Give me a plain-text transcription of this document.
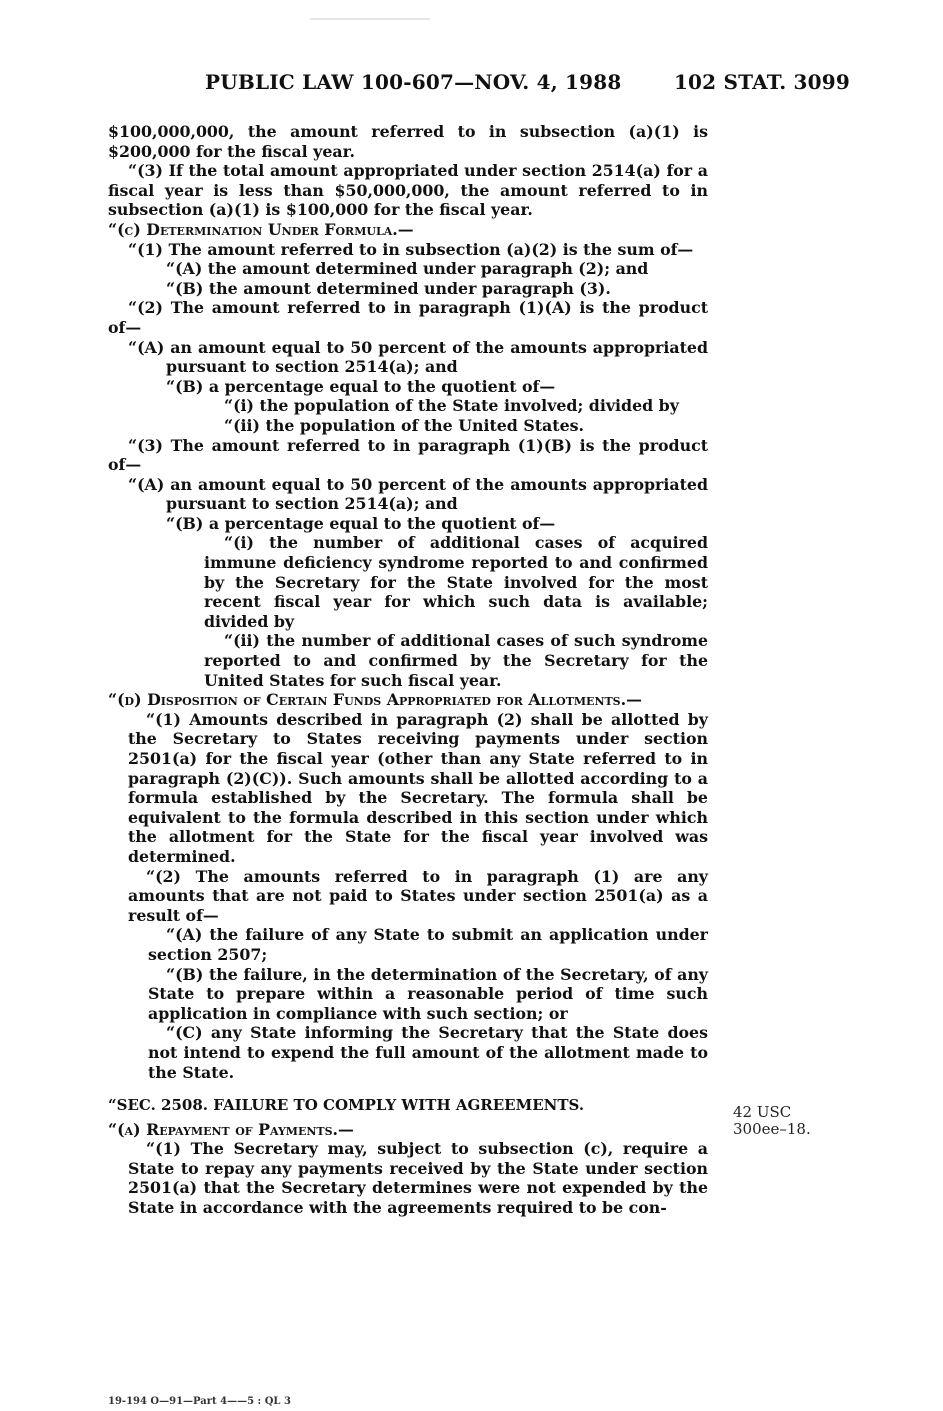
PUBLIC LAW 100-607—NOV. 4, 1988	102 STAT. 3099

$100,000,000, the amount referred to in subsection (a)(1) is $200,000 for the fiscal year.

“(3) If the total amount appropriated under section 2514(a) for a fiscal year is less than $50,000,000, the amount referred to in subsection (a)(1) is $100,000 for the fiscal year.

“(c) Determination Under Formula.—

“(1) The amount referred to in subsection (a)(2) is the sum of—

“(A) the amount determined under paragraph (2); and

“(B) the amount determined under paragraph (3).

“(2) The amount referred to in paragraph (1)(A) is the product of—

“(A) an amount equal to 50 percent of the amounts appropriated pursuant to section 2514(a); and

“(B) a percentage equal to the quotient of—

“(i) the population of the State involved; divided by

“(ii) the population of the United States.

“(3) The amount referred to in paragraph (1)(B) is the product of—

“(A) an amount equal to 50 percent of the amounts appropriated pursuant to section 2514(a); and

“(B) a percentage equal to the quotient of—

“(i) the number of additional cases of acquired immune deficiency syndrome reported to and confirmed by the Secretary for the State involved for the most recent fiscal year for which such data is available; divided by

“(ii) the number of additional cases of such syndrome reported to and confirmed by the Secretary for the United States for such fiscal year.

“(d) Disposition of Certain Funds Appropriated for Allotments.—

“(1) Amounts described in paragraph (2) shall be allotted by the Secretary to States receiving payments under section 2501(a) for the fiscal year (other than any State referred to in paragraph (2)(C)). Such amounts shall be allotted according to a formula established by the Secretary. The formula shall be equivalent to the formula described in this section under which the allotment for the State for the fiscal year involved was determined.

“(2) The amounts referred to in paragraph (1) are any amounts that are not paid to States under section 2501(a) as a result of—

“(A) the failure of any State to submit an application under section 2507;

“(B) the failure, in the determination of the Secretary, of any State to prepare within a reasonable period of time such application in compliance with such section; or

“(C) any State informing the Secretary that the State does not intend to expend the full amount of the allotment made to the State.

“SEC. 2508. FAILURE TO COMPLY WITH AGREEMENTS.

“(a) Repayment of Payments.—

“(1) The Secretary may, subject to subsection (c), require a State to repay any payments received by the State under section 2501(a) that the Secretary determines were not expended by the State in accordance with the agreements required to be con-

42 USC
300ee–18.
19-194 O—91—Part 4——5 : QL 3
